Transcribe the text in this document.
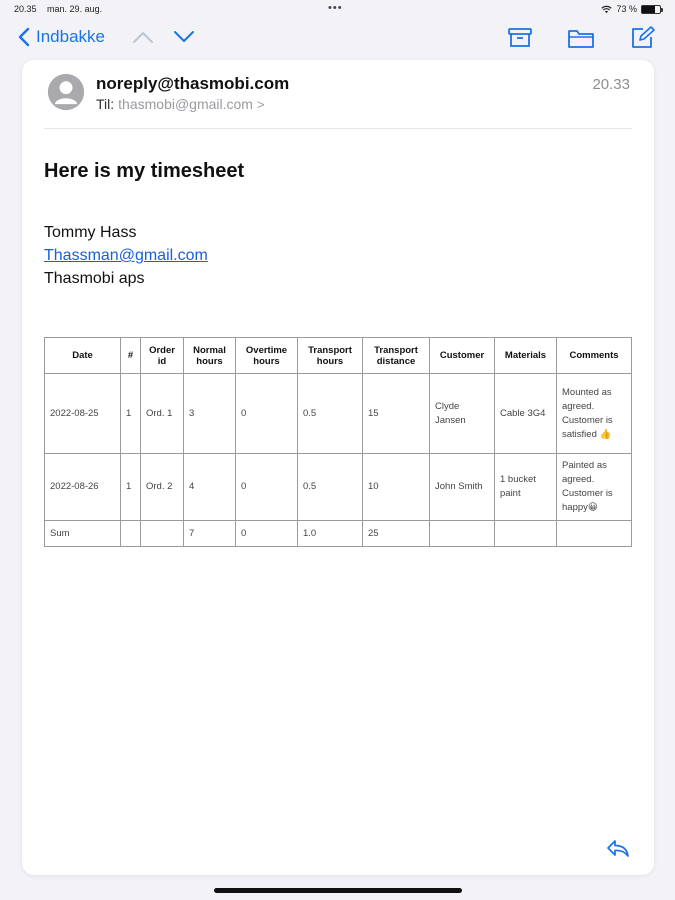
20.35 man. 29. aug.	•••	73 %
Indbakke
noreply@thasmobi.com
Til: thasmobi@gmail.com >
20.33
Here is my timesheet
Tommy Hass
Thassman@gmail.com
Thasmobi aps
Date	#	Order id	Normal hours	Overtime hours	Transport hours	Transport distance	Customer	Materials	Comments
2022-08-25	1	Ord. 1	3	0	0.5	15	Clyde Jansen	Cable 3G4	Mounted as agreed. Customer is satisfied 👍
2022-08-26	1	Ord. 2	4	0	0.5	10	John Smith	1 bucket paint	Painted as agreed. Customer is happy😀
Sum			7	0	1.0	25			
